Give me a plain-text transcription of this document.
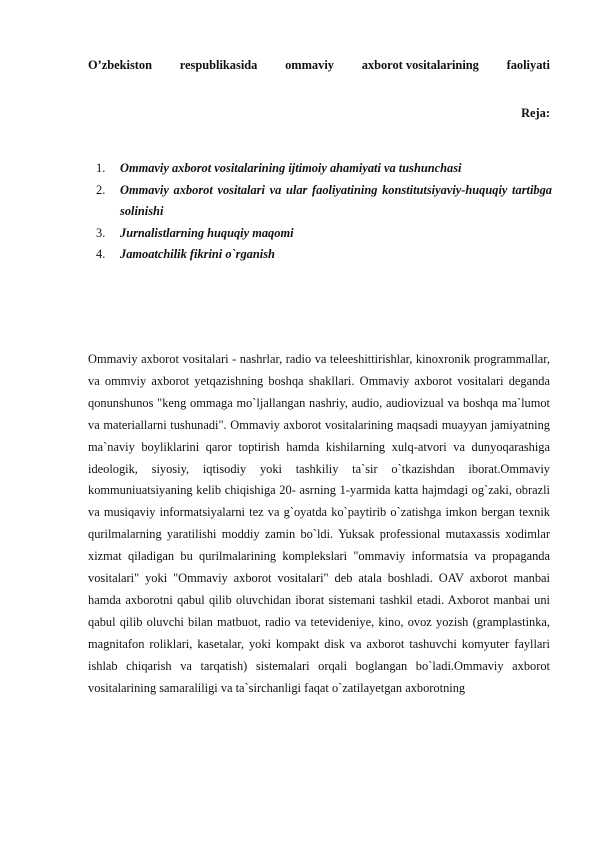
O’zbekiston respublikasida ommaviy axborot vositalarining faoliyati
Reja:
1.	Ommaviy axborot vositalarining ijtimoiy ahamiyati va tushunchasi
2.	Ommaviy axborot vositalari va ular faoliyatining konstitutsiyaviy-huquqiy tartibga solinishi
3.	Jurnalistlarning huquqiy maqomi
4.	Jamoatchilik fikrini o`rganish

Ommaviy axborot vositalari - nashrlar, radio va teleeshittirishlar, kinoxronik programmallar, va ommviy axborot yetqazishning boshqa shakllari. Ommaviy axborot vositalari deganda qonunshunos "keng ommaga mo`ljallangan nashriy, audio, audiovizual va boshqa ma`lumot va materiallarni tushunadi". Ommaviy axborot vositalarining maqsadi muayyan jamiyatning ma`naviy boyliklarini qaror toptirish hamda kishilarning xulq-atvori va dunyoqarashiga ideologik, siyosiy, iqtisodiy yoki tashkiliy ta`sir o`tkazishdan iborat.Ommaviy kommuniuatsiyaning kelib chiqishiga 20- asrning 1-yarmida katta hajmdagi og`zaki, obrazli va musiqaviy informatsiyalarni tez va g`oyatda ko`paytirib o`zatishga imkon bergan texnik qurilmalarning yaratilishi moddiy zamin bo`ldi. Yuksak professional mutaxassis xodimlar xizmat qiladigan bu qurilmalarining komplekslari "ommaviy informatsia va propaganda vositalari" yoki "Ommaviy axborot vositalari" deb atala boshladi. OAV axborot manbai hamda axborotni qabul qilib oluvchidan iborat sistemani tashkil etadi. Axborot manbai uni qabul qilib oluvchi bilan matbuot, radio va tetevideniye, kino, ovoz yozish (gramplastinka, magnitafon roliklari, kasetalar, yoki kompakt disk va axborot tashuvchi komyuter fayllari ishlab chiqarish va tarqatish) sistemalari orqali boglangan bo`ladi.Ommaviy axborot vositalarining samaraliligi va ta`sirchanligi faqat o`zatilayetgan axborotning
